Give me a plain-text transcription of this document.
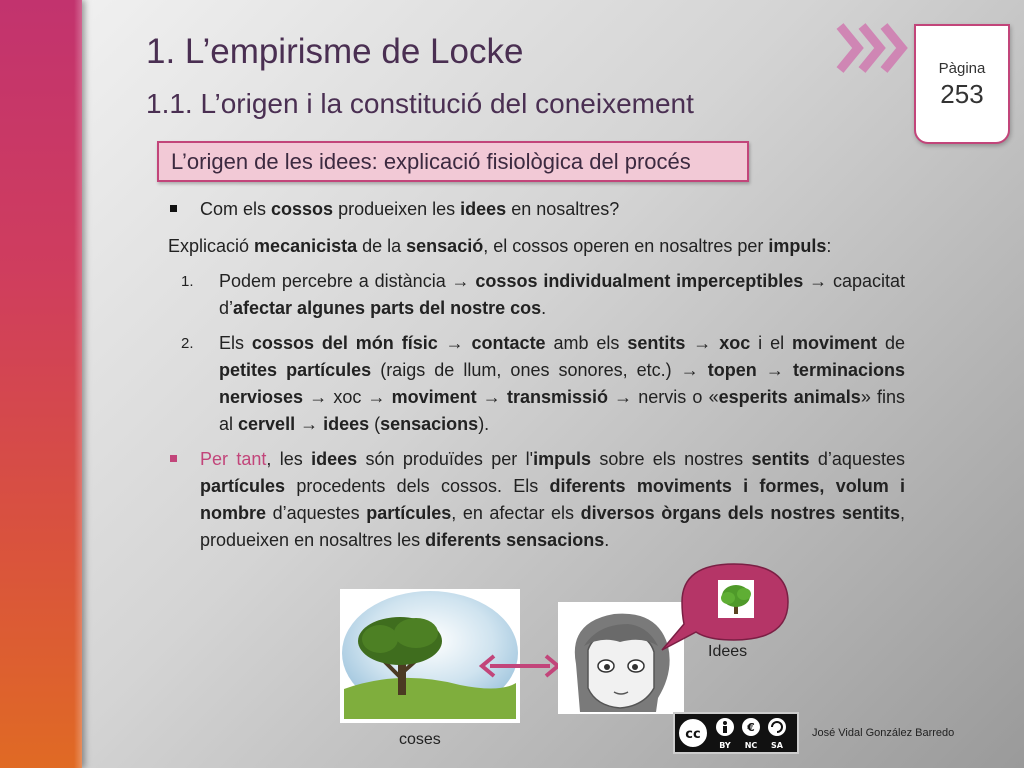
1. L’empirisme de Locke
1.1. L’origen i la constitució del coneixement
Pàgina
253
L’origen de les idees: explicació fisiològica del procés

Com els cossos produeixen les idees en nosaltres?

Explicació mecanicista de la sensació, el cossos operen en nosaltres per impuls:

1. Podem percebre a distància → cossos individualment imperceptibles → capacitat d’afectar algunes parts del nostre cos.

2. Els cossos del món físic → contacte amb els sentits → xoc i el moviment de petites partícules (raigs de llum, ones sonores, etc.) → topen → terminacions nervioses → xoc → moviment → transmissió → nervis o «esperits animals» fins al cervell → idees (sensacions).

Per tant, les idees són produïdes per l'impuls sobre els nostres sentits d’aquestes partícules procedents dels cossos. Els diferents moviments i formes, volum i nombre d’aquestes partícules, en afectar els diversos òrgans dels nostres sentits, produeixen en nosaltres les diferents sensacions.

Idees
coses	cc	€
BY NC SA
José Vidal González Barredo
